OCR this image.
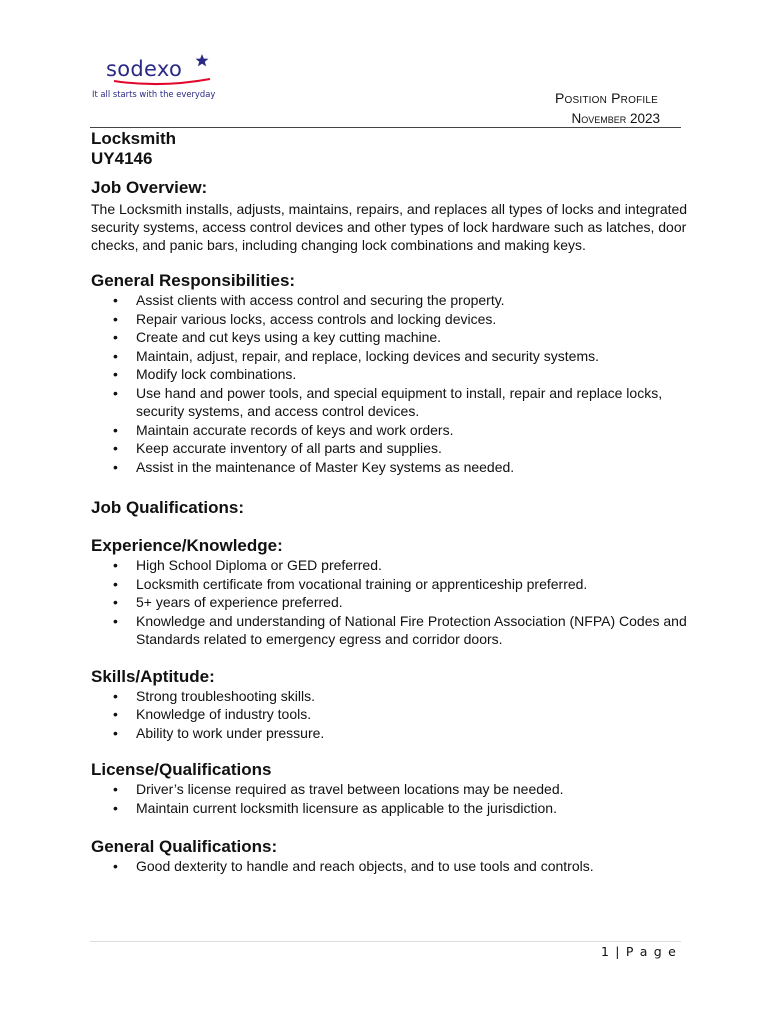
sodexo
It all starts with the everyday	Position Profile
November 2023
Locksmith
UY4146
Job Overview:

The Locksmith installs, adjusts, maintains, repairs, and replaces all types of locks and integrated security systems, access control devices and other types of lock hardware such as latches, door checks, and panic bars, including changing lock combinations and making keys.

General Responsibilities:
• Assist clients with access control and securing the property.
• Repair various locks, access controls and locking devices.
• Create and cut keys using a key cutting machine.
• Maintain, adjust, repair, and replace, locking devices and security systems.
• Modify lock combinations.
• Use hand and power tools, and special equipment to install, repair and replace locks, security systems, and access control devices.
• Maintain accurate records of keys and work orders.
• Keep accurate inventory of all parts and supplies.
• Assist in the maintenance of Master Key systems as needed.
Job Qualifications:
Experience/Knowledge:
• High School Diploma or GED preferred.
• Locksmith certificate from vocational training or apprenticeship preferred.
• 5+ years of experience preferred.
• Knowledge and understanding of National Fire Protection Association (NFPA) Codes and Standards related to emergency egress and corridor doors.
Skills/Aptitude:
• Strong troubleshooting skills.
• Knowledge of industry tools.
• Ability to work under pressure.
License/Qualifications
• Driver’s license required as travel between locations may be needed.
• Maintain current locksmith licensure as applicable to the jurisdiction.
General Qualifications:
• Good dexterity to handle and reach objects, and to use tools and controls.
1 | P a g e
